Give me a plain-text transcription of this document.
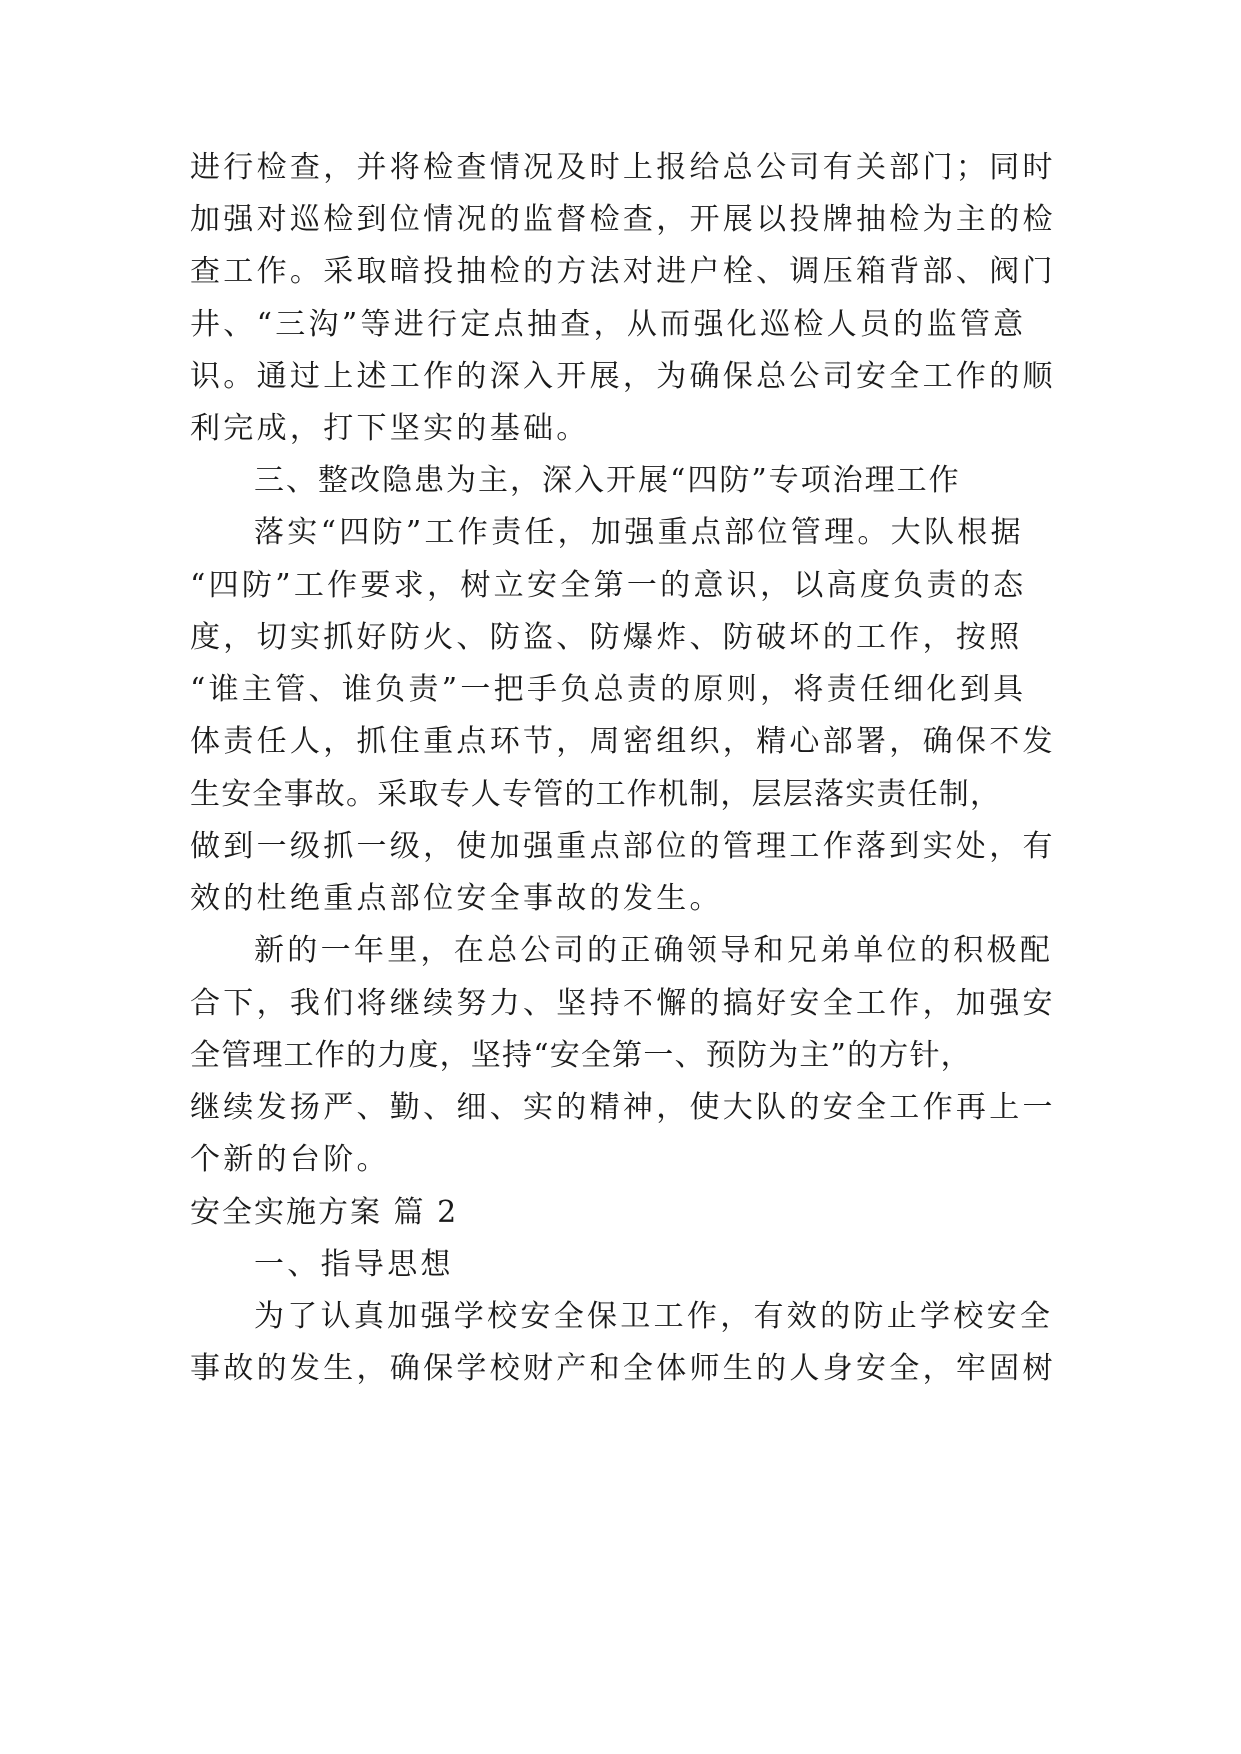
进行检查，并将检查情况及时上报给总公司有关部门；同时
加强对巡检到位情况的监督检查，开展以投牌抽检为主的检
查工作。采取暗投抽检的方法对进户栓、调压箱背部、阀门
井、“三沟”等进行定点抽查，从而强化巡检人员的监管意
识。通过上述工作的深入开展，为确保总公司安全工作的顺
利完成，打下坚实的基础。
三、整改隐患为主，深入开展“四防”专项治理工作
落实“四防”工作责任，加强重点部位管理。大队根据
“四防”工作要求，树立安全第一的意识，以高度负责的态
度，切实抓好防火、防盗、防爆炸、防破坏的工作，按照
“谁主管、谁负责”一把手负总责的原则，将责任细化到具
体责任人，抓住重点环节，周密组织，精心部署，确保不发
生安全事故。采取专人专管的工作机制，层层落实责任制，
做到一级抓一级，使加强重点部位的管理工作落到实处，有
效的杜绝重点部位安全事故的发生。
新的一年里，在总公司的正确领导和兄弟单位的积极配
合下，我们将继续努力、坚持不懈的搞好安全工作，加强安
全管理工作的力度，坚持“安全第一、预防为主”的方针，
继续发扬严、勤、细、实的精神，使大队的安全工作再上一
个新的台阶。
安全实施方案 篇 2
一、指导思想
为了认真加强学校安全保卫工作，有效的防止学校安全
事故的发生，确保学校财产和全体师生的人身安全，牢固树
